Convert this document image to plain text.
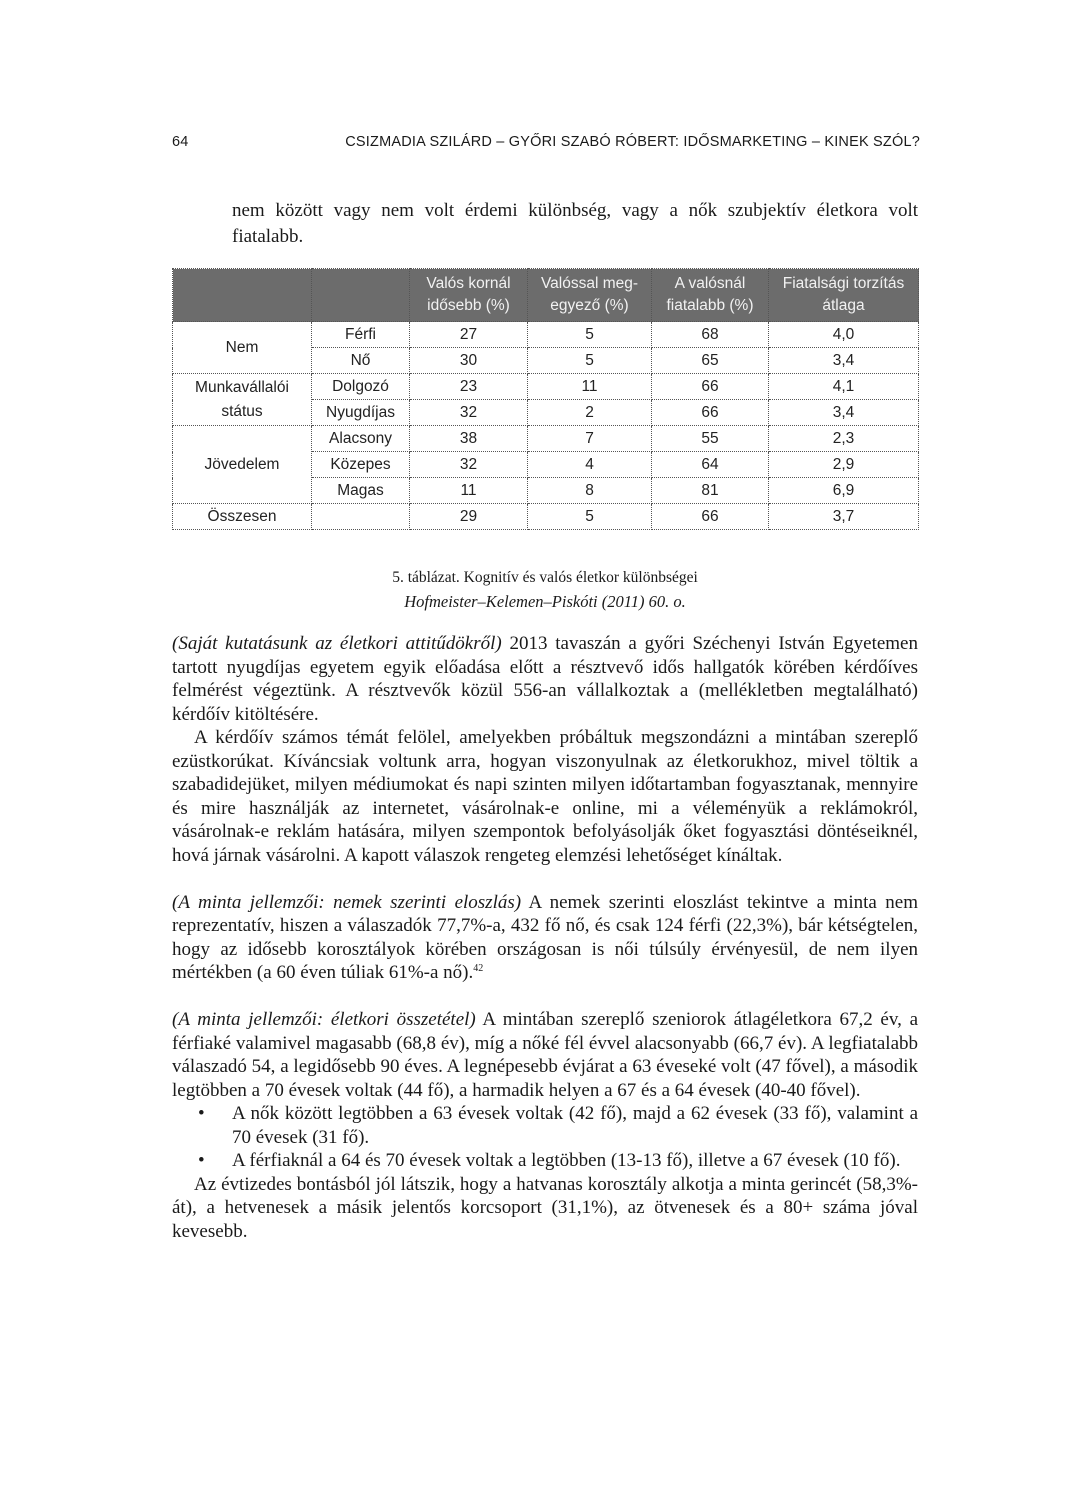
64	CSIZMADIA SZILÁRD – GYŐRI SZABÓ RÓBERT: IDŐSMARKETING – KINEK SZÓL?

nem között vagy nem volt érdemi különbség, vagy a nők szubjektív életkora volt fiatalabb.

		Valós kornál idősebb (%)	Valóssal meg-egyező (%)	A valósnál fiatalabb (%)	Fiatalsági torzítás átlaga
Nem	Férfi	27	5	68	4,0
	Nő	30	5	65	3,4
Munkavállalói státus	Dolgozó	23	11	66	4,1
	Nyugdíjas	32	2	66	3,4
Jövedelem	Alacsony	38	7	55	2,3
	Közepes	32	4	64	2,9
	Magas	11	8	81	6,9
Összesen		29	5	66	3,7
5. táblázat. Kognitív és valós életkor különbségei
Hofmeister–Kelemen–Piskóti (2011) 60. o.

(Saját kutatásunk az életkori attitűdökről) 2013 tavaszán a győri Széchenyi István Egyetemen tartott nyugdíjas egyetem egyik előadása előtt a résztvevő idős hallgatók körében kérdőíves felmérést végeztünk. A résztvevők közül 556-an vállalkoztak a (mellékletben megtalálható) kérdőív kitöltésére.

A kérdőív számos témát felölel, amelyekben próbáltuk megszondázni a mintában szereplő ezüstkorúkat. Kíváncsiak voltunk arra, hogyan viszonyulnak az életkorukhoz, mivel töltik a szabadidejüket, milyen médiumokat és napi szinten milyen időtartamban fogyasztanak, mennyire és mire használják az internetet, vásárolnak-e online, mi a véleményük a reklámokról, vásárolnak-e reklám hatására, milyen szempontok befolyásolják őket fogyasztási döntéseiknél, hová járnak vásárolni. A kapott válaszok rengeteg elemzési lehetőséget kínáltak.

(A minta jellemzői: nemek szerinti eloszlás) A nemek szerinti eloszlást tekintve a minta nem reprezentatív, hiszen a válaszadók 77,7%-a, 432 fő nő, és csak 124 férfi (22,3%), bár kétségtelen, hogy az idősebb korosztályok körében országosan is női túlsúly érvényesül, de nem ilyen mértékben (a 60 éven túliak 61%-a nő).$^{42}$

(A minta jellemzői: életkori összetétel) A mintában szereplő szeniorok átlagéletkora 67,2 év, a férfiaké valamivel magasabb (68,8 év), míg a nőké fél évvel alacsonyabb (66,7 év). A legfiatalabb válaszadó 54, a legidősebb 90 éves. A legnépesebb évjárat a 63 éveseké volt (47 fővel), a második legtöbben a 70 évesek voltak (44 fő), a harmadik helyen a 67 és a 64 évesek (40-40 fővel).

• A nők között legtöbben a 63 évesek voltak (42 fő), majd a 62 évesek (33 fő), valamint a 70 évesek (31 fő).
• A férfiaknál a 64 és 70 évesek voltak a legtöbben (13-13 fő), illetve a 67 évesek (10 fő).

Az évtizedes bontásból jól látszik, hogy a hatvanas korosztály alkotja a minta gerincét (58,3%-át), a hetvenesek a másik jelentős korcsoport (31,1%), az ötvenesek és a 80+ száma jóval kevesebb.
